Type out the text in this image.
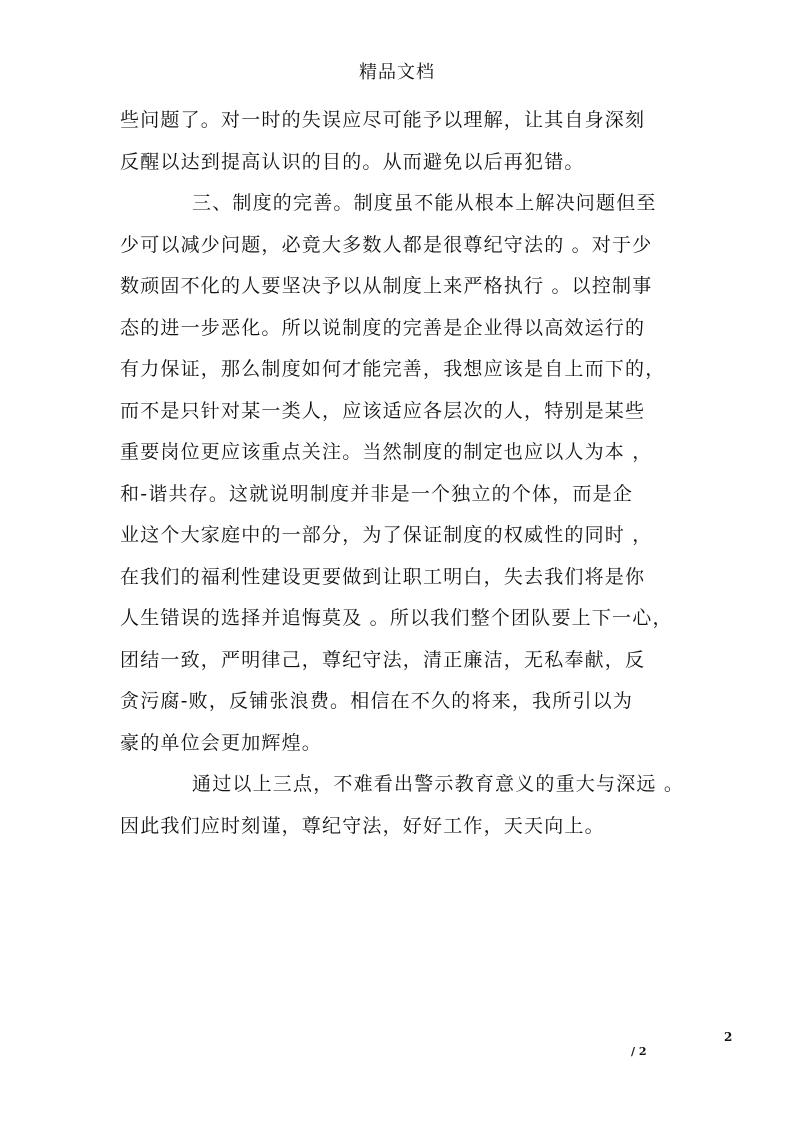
精品文档
些问题了。对一时的失误应尽可能予以理解，让其自身深刻
反醒以达到提高认识的目的。从而避免以后再犯错。
三、制度的完善。制度虽不能从根本上解决问题但至
少可以减少问题，必竟大多数人都是很尊纪守法的 。对于少
数顽固不化的人要坚决予以从制度上来严格执行 。以控制事
态的进一步恶化。所以说制度的完善是企业得以高效运行的
有力保证，那么制度如何才能完善，我想应该是自上而下的，
而不是只针对某一类人，应该适应各层次的人，特别是某些
重要岗位更应该重点关注。当然制度的制定也应以人为本 ，
和-谐共存。这就说明制度并非是一个独立的个体，而是企
业这个大家庭中的一部分，为了保证制度的权威性的同时 ，
在我们的福利性建设更要做到让职工明白，失去我们将是你
人生错误的选择并追悔莫及 。所以我们整个团队要上下一心，
团结一致，严明律己，尊纪守法，清正廉洁，无私奉献，反
贪污腐-败，反铺张浪费。相信在不久的将来，我所引以为
豪的单位会更加辉煌。
通过以上三点，不难看出警示教育意义的重大与深远 。
因此我们应时刻谨，尊纪守法，好好工作，天天向上。
2
/ 2
